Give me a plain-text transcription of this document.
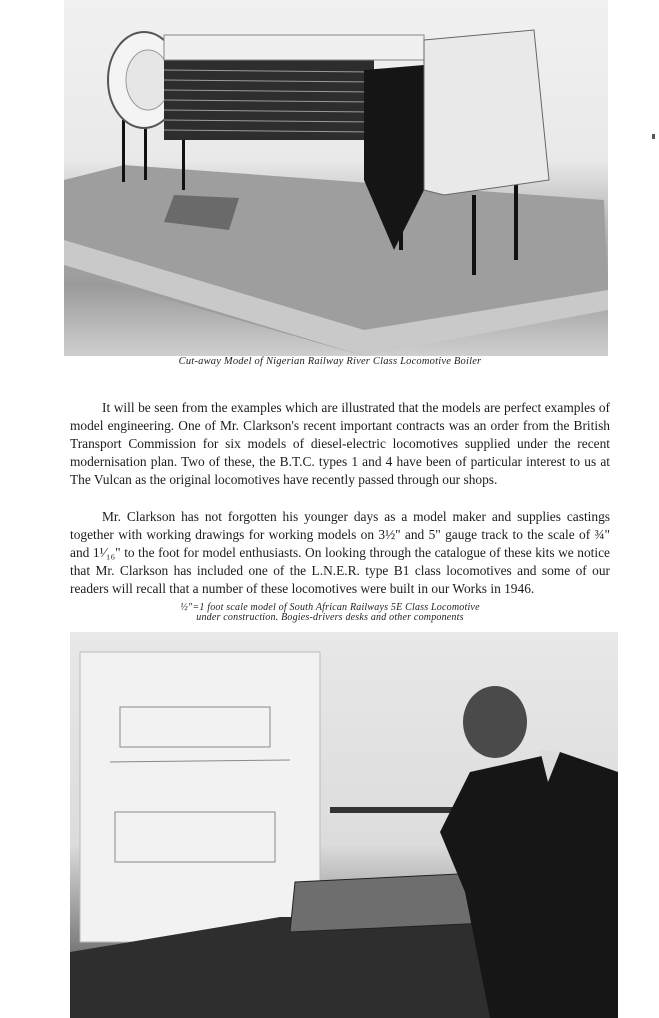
Cut-away Model of Nigerian Railway River Class Locomotive Boiler

It will be seen from the examples which are illustrated that the models are perfect examples of model engineering. One of Mr. Clarkson's recent important contracts was an order from the British Transport Commission for six models of diesel-electric locomotives supplied under the recent modernisation plan. Two of these, the B.T.C. types 1 and 4 have been of particular interest to us at The Vulcan as the original locomotives have recently passed through our shops.

Mr. Clarkson has not forgotten his younger days as a model maker and supplies castings together with working drawings for working models on 3½" and 5" gauge track to the scale of ¾" and 1¹⁄₁₆" to the foot for model enthusiasts. On looking through the catalogue of these kits we notice that Mr. Clarkson has included one of the L.N.E.R. type B1 class locomotives and some of our readers will recall that a number of these locomotives were built in our Works in 1946.

½"=1 foot scale model of South African Railways 5E Class Locomotive
under construction. Bogies-drivers desks and other components
